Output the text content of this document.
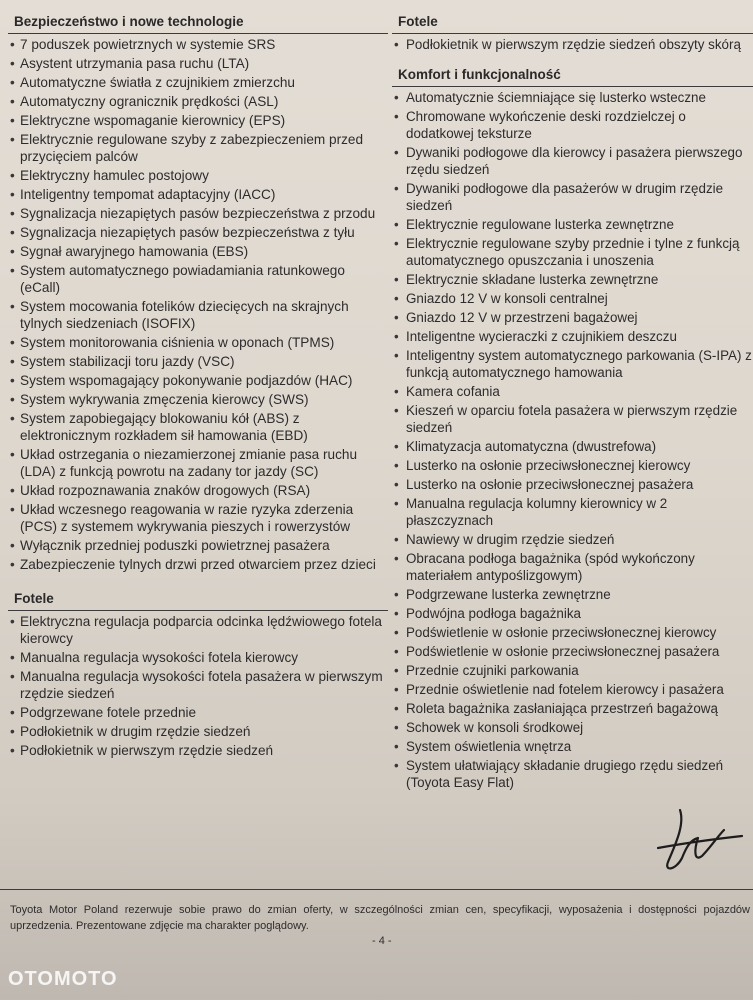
Bezpieczeństwo i nowe technologie
• 7 poduszek powietrznych w systemie SRS
• Asystent utrzymania pasa ruchu (LTA)
• Automatyczne światła z czujnikiem zmierzchu
• Automatyczny ogranicznik prędkości (ASL)
• Elektryczne wspomaganie kierownicy (EPS)
• Elektrycznie regulowane szyby z zabezpieczeniem przed przycięciem palców
• Elektryczny hamulec postojowy
• Inteligentny tempomat adaptacyjny (IACC)
• Sygnalizacja niezapiętych pasów bezpieczeństwa z przodu
• Sygnalizacja niezapiętych pasów bezpieczeństwa z tyłu
• Sygnał awaryjnego hamowania (EBS)
• System automatycznego powiadamiania ratunkowego (eCall)
• System mocowania fotelików dziecięcych na skrajnych tylnych siedzeniach (ISOFIX)
• System monitorowania ciśnienia w oponach (TPMS)
• System stabilizacji toru jazdy (VSC)
• System wspomagający pokonywanie podjazdów (HAC)
• System wykrywania zmęczenia kierowcy (SWS)
• System zapobiegający blokowaniu kół (ABS) z elektronicznym rozkładem sił hamowania (EBD)
• Układ ostrzegania o niezamierzonej zmianie pasa ruchu (LDA) z funkcją powrotu na zadany tor jazdy (SC)
• Układ rozpoznawania znaków drogowych (RSA)
• Układ wczesnego reagowania w razie ryzyka zderzenia (PCS) z systemem wykrywania pieszych i rowerzystów
• Wyłącznik przedniej poduszki powietrznej pasażera
• Zabezpieczenie tylnych drzwi przed otwarciem przez dzieci
Fotele
• Elektryczna regulacja podparcia odcinka lędźwiowego fotela kierowcy
• Manualna regulacja wysokości fotela kierowcy
• Manualna regulacja wysokości fotela pasażera w pierwszym rzędzie siedzeń
• Podgrzewane fotele przednie
• Podłokietnik w drugim rzędzie siedzeń
• Podłokietnik w pierwszym rzędzie siedzeń
Fotele
• Podłokietnik w pierwszym rzędzie siedzeń obszyty skórą
Komfort i funkcjonalność
• Automatycznie ściemniające się lusterko wsteczne
• Chromowane wykończenie deski rozdzielczej o dodatkowej teksturze
• Dywaniki podłogowe dla kierowcy i pasażera pierwszego rzędu siedzeń
• Dywaniki podłogowe dla pasażerów w drugim rzędzie siedzeń
• Elektrycznie regulowane lusterka zewnętrzne
• Elektrycznie regulowane szyby przednie i tylne z funkcją automatycznego opuszczania i unoszenia
• Elektrycznie składane lusterka zewnętrzne
• Gniazdo 12 V w konsoli centralnej
• Gniazdo 12 V w przestrzeni bagażowej
• Inteligentne wycieraczki z czujnikiem deszczu
• Inteligentny system automatycznego parkowania (S-IPA) z funkcją automatycznego hamowania
• Kamera cofania
• Kieszeń w oparciu fotela pasażera w pierwszym rzędzie siedzeń
• Klimatyzacja automatyczna (dwustrefowa)
• Lusterko na osłonie przeciwsłonecznej kierowcy
• Lusterko na osłonie przeciwsłonecznej pasażera
• Manualna regulacja kolumny kierownicy w 2 płaszczyznach
• Nawiewy w drugim rzędzie siedzeń
• Obracana podłoga bagażnika (spód wykończony materiałem antypoślizgowym)
• Podgrzewane lusterka zewnętrzne
• Podwójna podłoga bagażnika
• Podświetlenie w osłonie przeciwsłonecznej kierowcy
• Podświetlenie w osłonie przeciwsłonecznej pasażera
• Przednie czujniki parkowania
• Przednie oświetlenie nad fotelem kierowcy i pasażera
• Roleta bagażnika zasłaniająca przestrzeń bagażową
• Schowek w konsoli środkowej
• System oświetlenia wnętrza
• System ułatwiający składanie drugiego rzędu siedzeń (Toyota Easy Flat)
Toyota Motor Poland rezerwuje sobie prawo do zmian oferty, w szczególności zmian cen, specyfikacji, wyposażenia i dostępności pojazdów uprzedzenia. Prezentowane zdjęcie ma charakter poglądowy.
- 4 -
OTOMOTO
